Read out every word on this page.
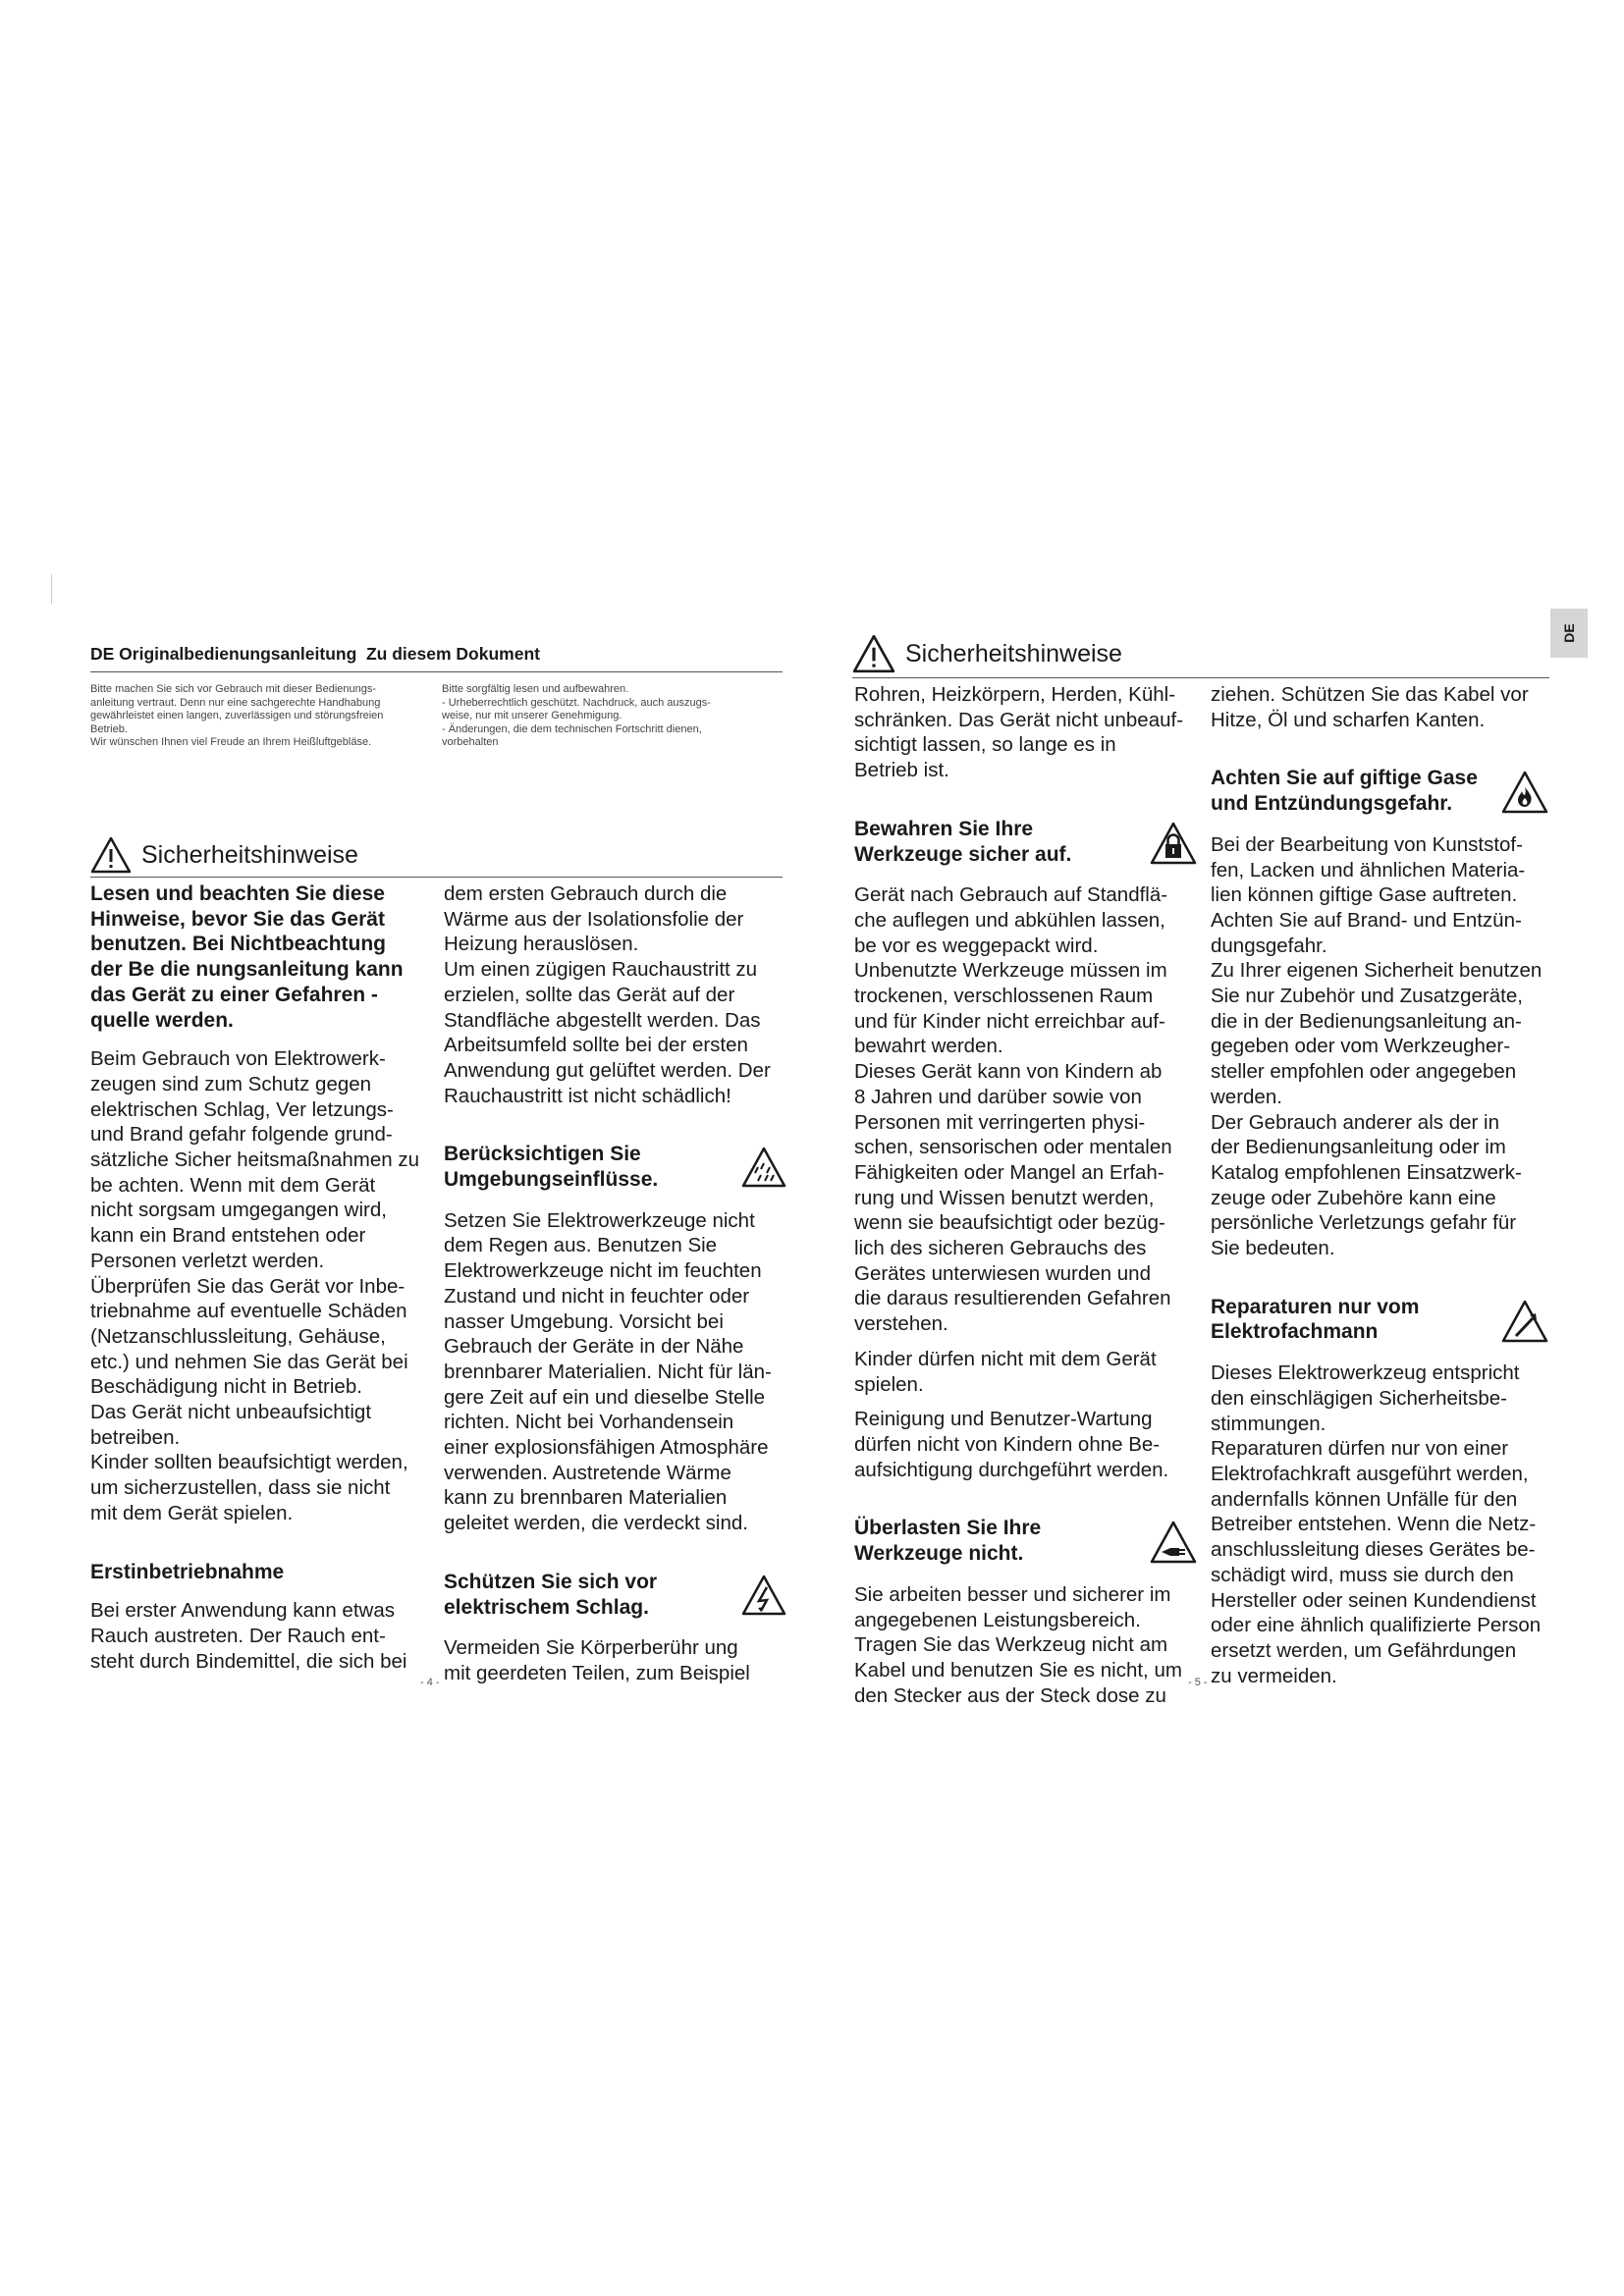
DE Originalbedienungsanleitung  Zu diesem Dokument
Bitte machen Sie sich vor Gebrauch mit dieser Bedienungs-
anleitung vertraut. Denn nur eine sachgerechte Handhabung
gewährleistet einen langen, zuverlässigen und störungsfreien
Betrieb.
Wir wünschen Ihnen viel Freude an Ihrem Heißluftgebläse.
Bitte sorgfältig lesen und aufbewahren.
- Urheberrechtlich geschützt. Nachdruck, auch auszugs-
weise, nur mit unserer Genehmigung.
- Änderungen, die dem technischen Fortschritt dienen,
vorbehalten
Sicherheitshinweise

Lesen und beachten Sie diese
Hinweise, bevor Sie das Gerät
benutzen. Bei Nichtbeachtung
der Be die nungsanleitung kann
das Gerät zu einer Gefahren -
quelle werden.

Beim Gebrauch von Elektrowerk-
zeugen sind zum Schutz gegen
elektrischen Schlag, Ver letzungs-
und Brand gefahr folgende grund-
sätzliche Sicher heitsmaßnahmen zu
be achten. Wenn mit dem Gerät
nicht sorgsam umgegangen wird,
kann ein Brand entstehen oder
Personen verletzt werden.
Überprüfen Sie das Gerät vor Inbe-
triebnahme auf eventuelle Schäden
(Netzanschlussleitung, Gehäuse,
etc.) und nehmen Sie das Gerät bei
Beschädigung nicht in Betrieb.
Das Gerät nicht unbeaufsichtigt
betreiben.
Kinder sollten beaufsichtigt werden,
um sicherzustellen, dass sie nicht
mit dem Gerät spielen.

Erstinbetriebnahme

Bei erster Anwendung kann etwas
Rauch austreten. Der Rauch ent-
steht durch Bindemittel, die sich bei

dem ersten Gebrauch durch die
Wärme aus der Isolationsfolie der
Heizung herauslösen.
Um einen zügigen Rauchaustritt zu
erzielen, sollte das Gerät auf der
Standfläche abgestellt werden. Das
Arbeitsumfeld sollte bei der ersten
Anwendung gut gelüftet werden. Der
Rauchaustritt ist nicht schädlich!

Berücksichtigen Sie
Umgebungseinflüsse.

Setzen Sie Elektrowerkzeuge nicht
dem Regen aus. Benutzen Sie
Elektrowerkzeuge nicht im feuchten
Zustand und nicht in feuchter oder
nasser Umgebung. Vorsicht bei
Gebrauch der Geräte in der Nähe
brennbarer Materialien. Nicht für län-
gere Zeit auf ein und dieselbe Stelle
richten. Nicht bei Vorhandensein
einer explosionsfähigen Atmosphäre
verwenden. Austretende Wärme
kann zu brennbaren Materialien
geleitet werden, die verdeckt sind.

Schützen Sie sich vor
elektrischem Schlag.

Vermeiden Sie Körperberühr ung
mit geerdeten Teilen, zum Beispiel

- 4 -
Sicherheitshinweise

Rohren, Heizkörpern, Herden, Kühl-
schränken. Das Gerät nicht unbeauf-
sichtigt lassen, so lange es in
Betrieb ist.

Bewahren Sie Ihre
Werkzeuge sicher auf.

Gerät nach Gebrauch auf Standflä-
che auflegen und abkühlen lassen,
be vor es weggepackt wird.
Unbenutzte Werkzeuge müssen im
trockenen, verschlossenen Raum
und für Kinder nicht erreichbar auf-
bewahrt werden.
Dieses Gerät kann von Kindern ab
8 Jahren und darüber sowie von
Personen mit verringerten physi-
schen, sensorischen oder mentalen
Fähigkeiten oder Mangel an Erfah-
rung und Wissen benutzt werden,
wenn sie beaufsichtigt oder bezüg-
lich des sicheren Gebrauchs des
Gerätes unterwiesen wurden und
die daraus resultierenden Gefahren
verstehen.

Kinder dürfen nicht mit dem Gerät
spielen.

Reinigung und Benutzer-Wartung
dürfen nicht von Kindern ohne Be-
aufsichtigung durchgeführt werden.

Überlasten Sie Ihre
Werkzeuge nicht.

Sie arbeiten besser und sicherer im
angegebenen Leistungsbereich.
Tragen Sie das Werkzeug nicht am
Kabel und benutzen Sie es nicht, um
den Stecker aus der Steck dose zu

ziehen. Schützen Sie das Kabel vor
Hitze, Öl und scharfen Kanten.

Achten Sie auf giftige Gase
und Entzündungsgefahr.

Bei der Bearbeitung von Kunststof-
fen, Lacken und ähnlichen Materia-
lien können giftige Gase auftreten.
Achten Sie auf Brand- und Entzün-
dungsgefahr.
Zu Ihrer eigenen Sicherheit benutzen
Sie nur Zubehör und Zusatzgeräte,
die in der Bedienungsanleitung an-
gegeben oder vom Werkzeugher-
steller empfohlen oder angegeben
werden.
Der Gebrauch anderer als der in
der Bedienungsanleitung oder im
Katalog empfohlenen Einsatzwerk-
zeuge oder Zubehöre kann eine
persönliche Verletzungs gefahr für
Sie bedeuten.

Reparaturen nur vom
Elektrofachmann

Dieses Elektrowerkzeug entspricht
den einschlägigen Sicherheitsbe-
stimmungen.
Reparaturen dürfen nur von einer
Elektrofachkraft ausgeführt werden,
andernfalls können Unfälle für den
Betreiber entstehen. Wenn die Netz-
anschlussleitung dieses Gerätes be-
schädigt wird, muss sie durch den
Hersteller oder seinen Kundendienst
oder eine ähnlich qualifizierte Person
ersetzt werden, um Gefährdungen
zu vermeiden.

- 5 -
DE
